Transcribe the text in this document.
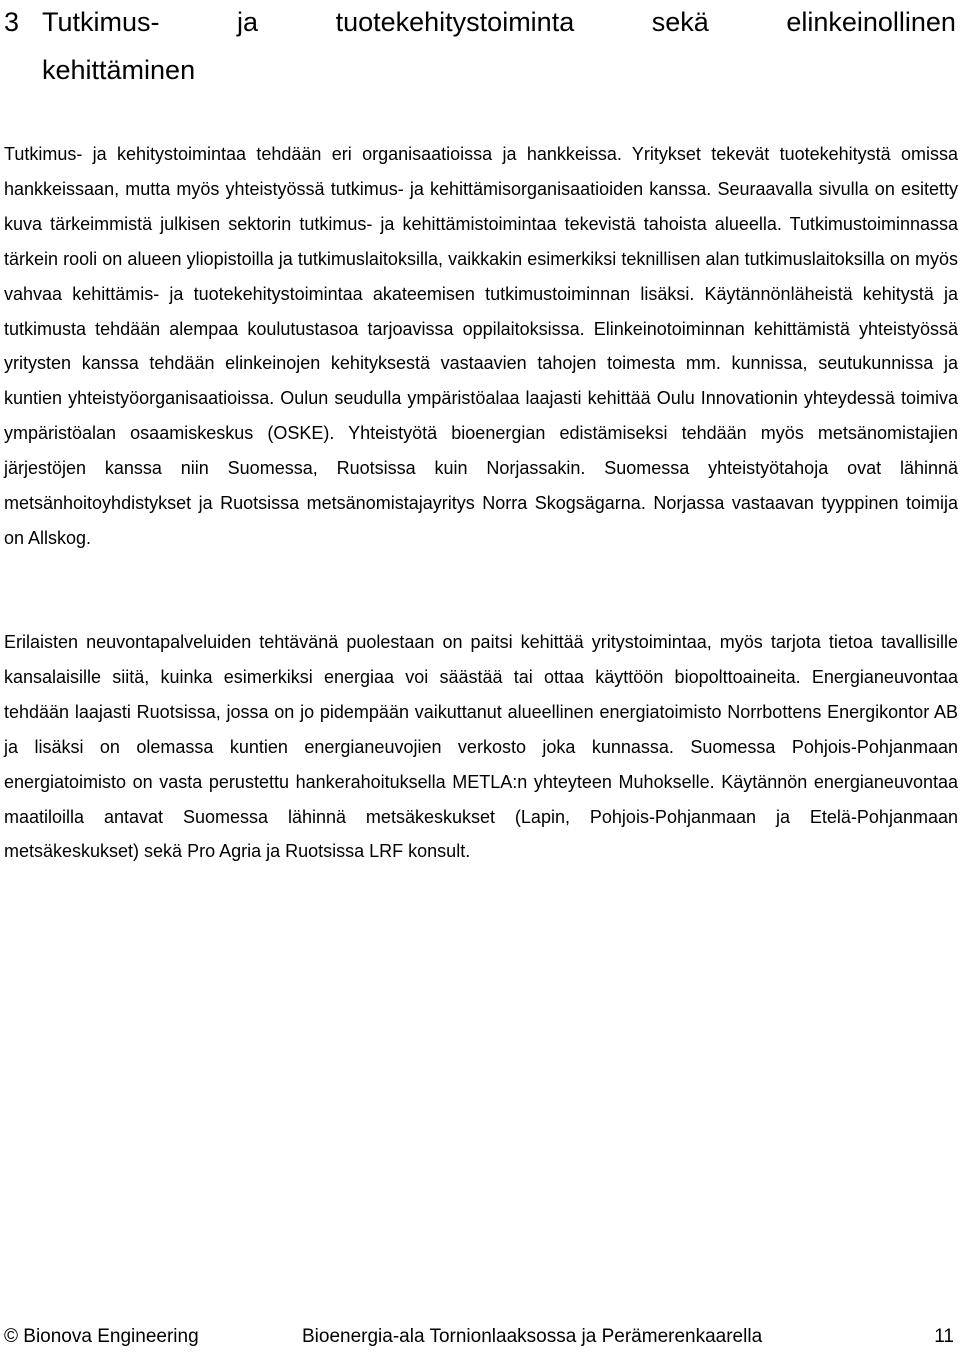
3 Tutkimus-	ja	tuotekehitystoiminta	sekä	elinkeinollinen
kehittäminen

Tutkimus- ja kehitystoimintaa tehdään eri organisaatioissa ja hankkeissa. Yritykset tekevät tuotekehitystä omissa hankkeissaan, mutta myös yhteistyössä tutkimus- ja kehittämisorganisaatioiden kanssa. Seuraavalla sivulla on esitetty kuva tärkeimmistä julkisen sektorin tutkimus- ja kehittämistoimintaa tekevistä tahoista alueella. Tutkimustoiminnassa tärkein rooli on alueen yliopistoilla ja tutkimuslaitoksilla, vaikkakin esimerkiksi teknillisen alan tutkimuslaitoksilla on myös vahvaa kehittämis- ja tuotekehitystoimintaa akateemisen tutkimustoiminnan lisäksi. Käytännönläheistä kehitystä ja tutkimusta tehdään alempaa koulutustasoa tarjoavissa oppilaitoksissa. Elinkeinotoiminnan kehittämistä yhteistyössä yritysten kanssa tehdään elinkeinojen kehityksestä vastaavien tahojen toimesta mm. kunnissa, seutukunnissa ja kuntien yhteistyöorganisaatioissa. Oulun seudulla ympäristöalaa laajasti kehittää Oulu Innovationin yhteydessä toimiva ympäristöalan osaamiskeskus (OSKE). Yhteistyötä bioenergian edistämiseksi tehdään myös metsänomistajien järjestöjen kanssa niin Suomessa, Ruotsissa kuin Norjassakin. Suomessa yhteistyötahoja ovat lähinnä metsänhoitoyhdistykset ja Ruotsissa metsänomistajayritys Norra Skogsägarna. Norjassa vastaavan tyyppinen toimija on Allskog.

Erilaisten neuvontapalveluiden tehtävänä puolestaan on paitsi kehittää yritystoimintaa, myös tarjota tietoa tavallisille kansalaisille siitä, kuinka esimerkiksi energiaa voi säästää tai ottaa käyttöön biopolttoaineita. Energianeuvontaa tehdään laajasti Ruotsissa, jossa on jo pidempään vaikuttanut alueellinen energiatoimisto Norrbottens Energikontor AB ja lisäksi on olemassa kuntien energianeuvojien verkosto joka kunnassa. Suomessa Pohjois-Pohjanmaan energiatoimisto on vasta perustettu hankerahoituksella METLA:n yhteyteen Muhokselle. Käytännön energianeuvontaa maatiloilla antavat Suomessa lähinnä metsäkeskukset (Lapin, Pohjois-Pohjanmaan ja Etelä-Pohjanmaan metsäkeskukset) sekä Pro Agria ja Ruotsissa LRF konsult.

© Bionova Engineering	Bioenergia-ala Tornionlaaksossa ja Perämerenkaarella	11
